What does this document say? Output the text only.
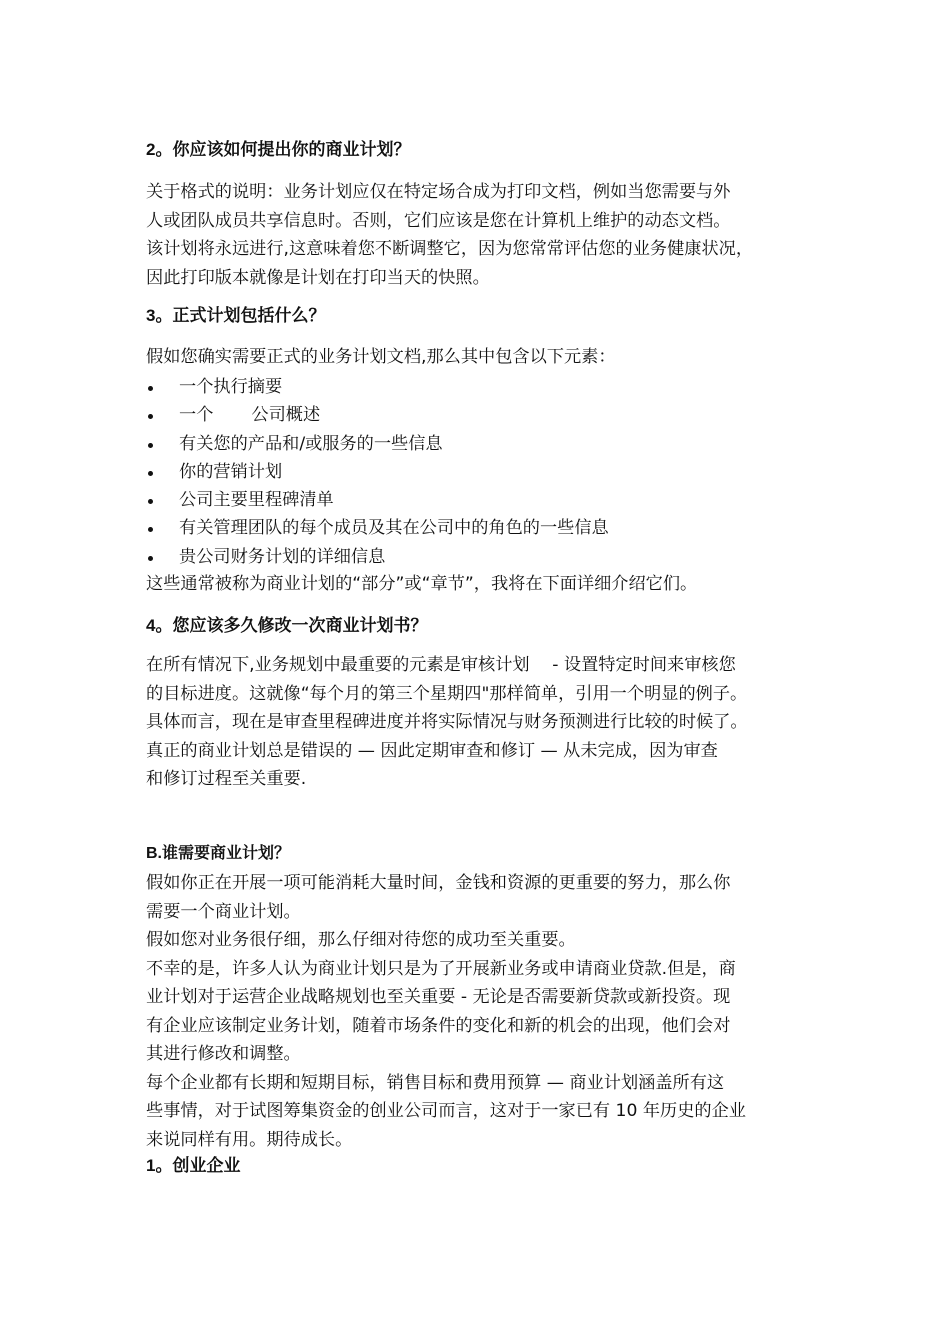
2。你应该如何提出你的商业计划？
关于格式的说明：业务计划应仅在特定场合成为打印文档，例如当您需要与外
人或团队成员共享信息时。否则，它们应该是您在计算机上维护的动态文档。
该计划将永远进行,这意味着您不断调整它，因为您常常评估您的业务健康状况，
因此打印版本就像是计划在打印当天的快照。
3。正式计划包括什么？
假如您确实需要正式的业务计划文档,那么其中包含以下元素：
一个执行摘要
一个 公司概述
有关您的产品和/或服务的一些信息
你的营销计划
公司主要里程碑清单
有关管理团队的每个成员及其在公司中的角色的一些信息
贵公司财务计划的详细信息
这些通常被称为商业计划的“部分”或“章节”，我将在下面详细介绍它们。
4。您应该多久修改一次商业计划书？
在所有情况下,业务规划中最重要的元素是审核计划 　- 设置特定时间来审核您
的目标进度。这就像“每个月的第三个星期四"那样简单，引用一个明显的例子。
具体而言，现在是审查里程碑进度并将实际情况与财务预测进行比较的时候了。
真正的商业计划总是错误的 — 因此定期审查和修订 — 从未完成，因为审查
和修订过程至关重要.
B.谁需要商业计划？
假如你正在开展一项可能消耗大量时间，金钱和资源的更重要的努力，那么你
需要一个商业计划。
假如您对业务很仔细，那么仔细对待您的成功至关重要。
不幸的是，许多人认为商业计划只是为了开展新业务或申请商业贷款.但是，商
业计划对于运营企业战略规划也至关重要 - 无论是否需要新贷款或新投资。现
有企业应该制定业务计划，随着市场条件的变化和新的机会的出现，他们会对
其进行修改和调整。
每个企业都有长期和短期目标，销售目标和费用预算 — 商业计划涵盖所有这
些事情，对于试图筹集资金的创业公司而言，这对于一家已有 10 年历史的企业
来说同样有用。期待成长。
1。创业企业
